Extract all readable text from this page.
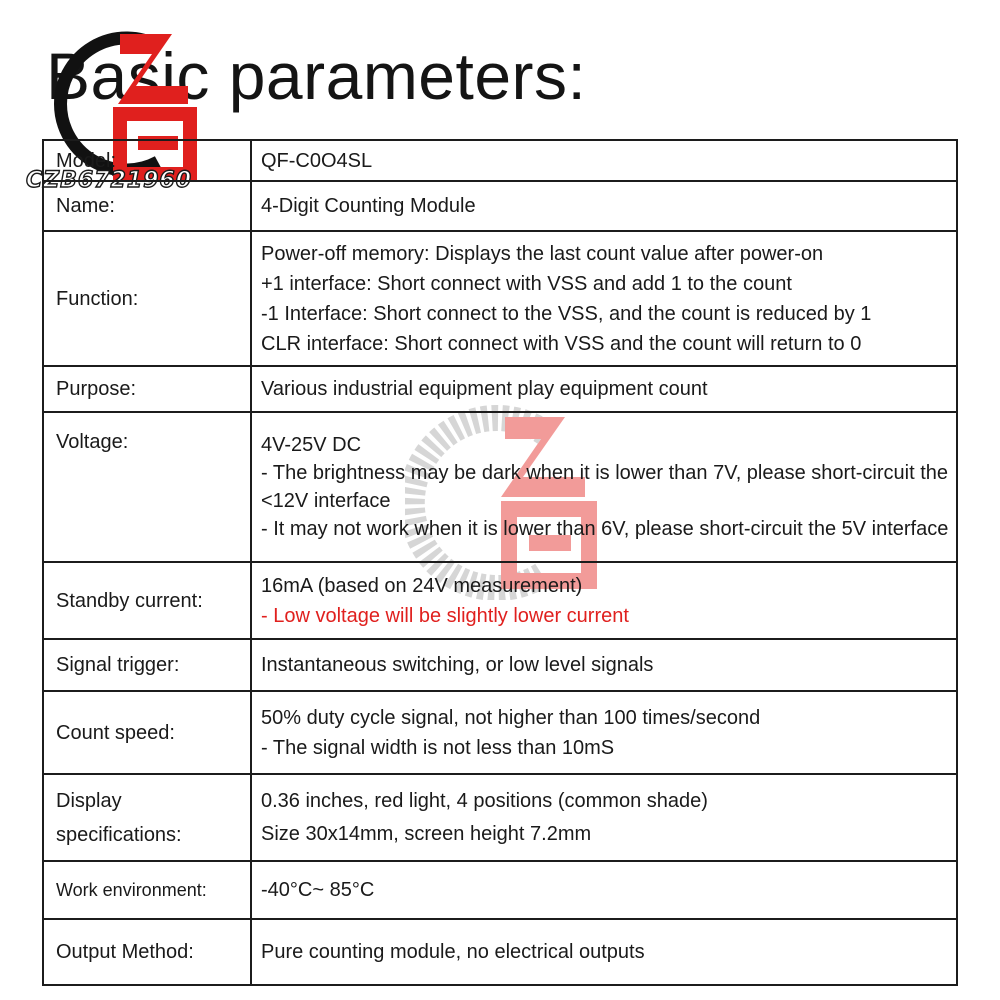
Basic parameters:
CZB6721960
Model:	QF-C0O4SL

Name:	4-Digit Counting Module

Function:	Power-off memory: Displays the last count value after power-on
+1 interface: Short connect with VSS and add 1 to the count
-1 Interface: Short connect to the VSS, and the count is reduced by 1
CLR interface: Short connect with VSS and the count will return to 0

Purpose:	Various industrial equipment play equipment count

Voltage:	4V-25V DC
- The brightness may be dark when it is lower than 7V, please short-circuit the <12V interface
- It may not work when it is lower than 6V, please short-circuit the 5V interface

Standby current:	16mA (based on 24V measurement)
- Low voltage will be slightly lower current

Signal trigger:	Instantaneous switching, or low level signals

Count speed:	50% duty cycle signal, not higher than 100 times/second
- The signal width is not less than 10mS

Display
specifications:	0.36 inches, red light, 4 positions (common shade)
Size 30x14mm, screen height 7.2mm

Work environment:	-40°C~ 85°C

Output Method:	Pure counting module, no electrical outputs
